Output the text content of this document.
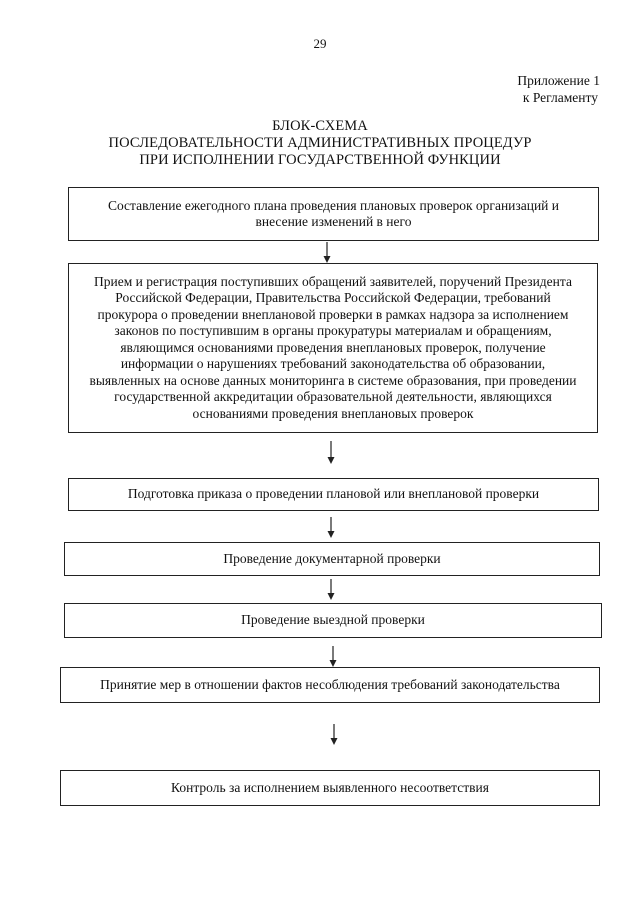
29
Приложение 1
к Регламенту
БЛОК-СХЕМА
ПОСЛЕДОВАТЕЛЬНОСТИ АДМИНИСТРАТИВНЫХ ПРОЦЕДУР
ПРИ ИСПОЛНЕНИИ ГОСУДАРСТВЕННОЙ ФУНКЦИИ
Составление ежегодного плана проведения плановых проверок организаций и внесение изменений в него
Прием и регистрация поступивших обращений заявителей, поручений Президента Российской Федерации, Правительства Российской Федерации, требований прокурора о проведении внеплановой проверки в рамках надзора за исполнением законов по поступившим в органы прокуратуры материалам и обращениям, являющимся основаниями проведения внеплановых проверок, получение информации о нарушениях требований законодательства об образовании, выявленных на основе данных мониторинга в системе образования, при проведении государственной аккредитации образовательной деятельности, являющихся основаниями проведения внеплановых проверок
Подготовка приказа о проведении плановой или внеплановой проверки
Проведение документарной проверки
Проведение выездной проверки
Принятие мер в отношении фактов несоблюдения требований законодательства
Контроль за исполнением выявленного несоответствия
